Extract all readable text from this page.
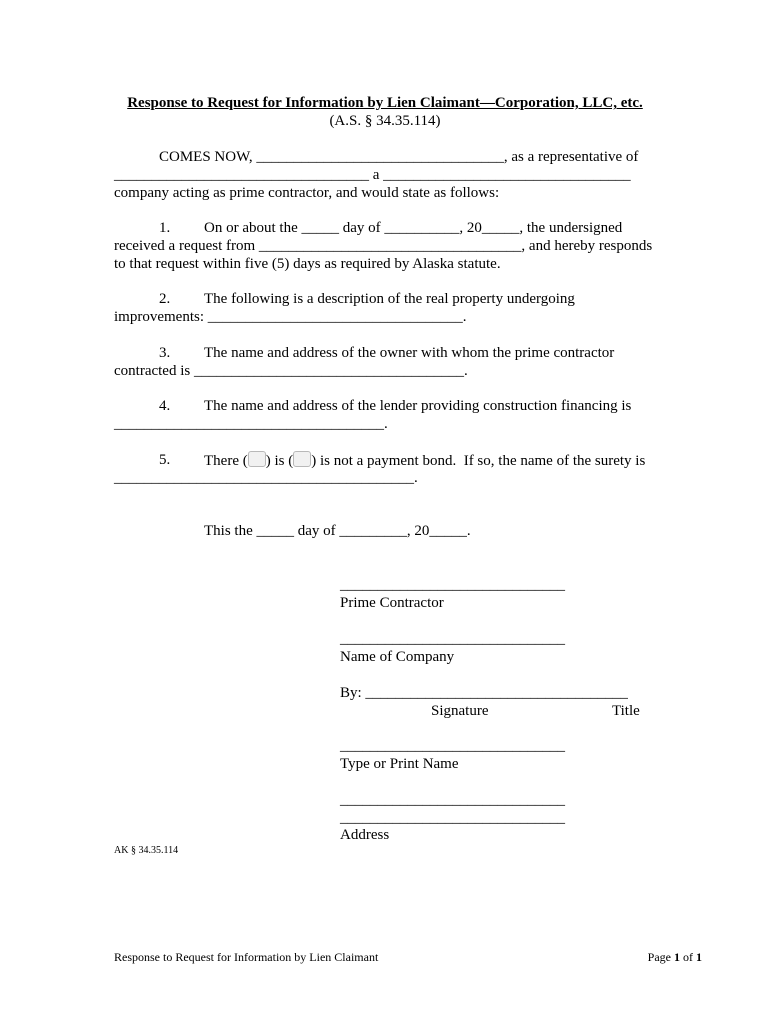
Response to Request for Information by Lien Claimant—Corporation, LLC, etc.
(A.S. § 34.35.114)
COMES NOW, _________________________________, as a representative of
__________________________________ a _________________________________
company acting as prime contractor, and would state as follows:
1. On or about the _____ day of __________, 20_____, the undersigned
received a request from ___________________________________, and hereby responds
to that request within five (5) days as required by Alaska statute.
2. The following is a description of the real property undergoing
improvements: __________________________________.
3. The name and address of the owner with whom the prime contractor
contracted is ____________________________________.
4. The name and address of the lender providing construction financing is
____________________________________.
5. There ( ) is ( ) is not a payment bond.  If so, the name of the surety is
________________________________________.
This the _____ day of _________, 20_____.
______________________________
Prime Contractor
______________________________
Name of Company
By: ___________________________________
Signature	Title
______________________________
Type or Print Name
______________________________
______________________________
Address
AK § 34.35.114
Response to Request for Information by Lien Claimant	Page 1 of 1
